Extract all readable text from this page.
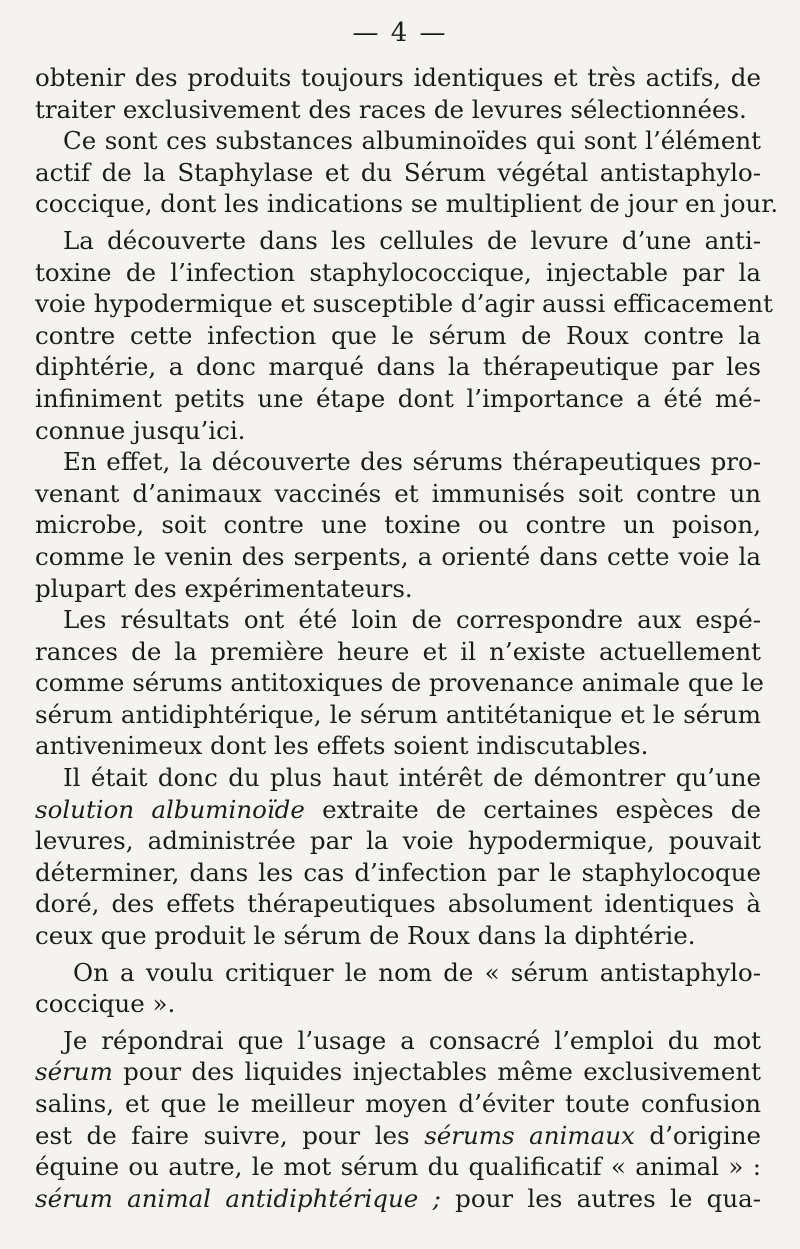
— 4 —
obtenir des produits toujours identiques et très actifs, de
traiter exclusivement des races de levures sélectionnées.
Ce sont ces substances albuminoïdes qui sont l’élément
actif de la Staphylase et du Sérum végétal antistaphylo-
coccique, dont les indications se multiplient de jour en jour.
La découverte dans les cellules de levure d’une anti-
toxine de l’infection staphylococcique, injectable par la
voie hypodermique et susceptible d’agir aussi efficacement
contre cette infection que le sérum de Roux contre la
diphtérie, a donc marqué dans la thérapeutique par les
infiniment petits une étape dont l’importance a été mé-
connue jusqu’ici.
En effet, la découverte des sérums thérapeutiques pro-
venant d’animaux vaccinés et immunisés soit contre un
microbe, soit contre une toxine ou contre un poison,
comme le venin des serpents, a orienté dans cette voie la
plupart des expérimentateurs.
Les résultats ont été loin de correspondre aux espé-
rances de la première heure et il n’existe actuellement
comme sérums antitoxiques de provenance animale que le
sérum antidiphtérique, le sérum antitétanique et le sérum
antivenimeux dont les effets soient indiscutables.
Il était donc du plus haut intérêt de démontrer qu’une
solution albuminoïde extraite de certaines espèces de
levures, administrée par la voie hypodermique, pouvait
déterminer, dans les cas d’infection par le staphylocoque
doré, des effets thérapeutiques absolument identiques à
ceux que produit le sérum de Roux dans la diphtérie.
On a voulu critiquer le nom de « sérum antistaphylo-
coccique ».
Je répondrai que l’usage a consacré l’emploi du mot
sérum pour des liquides injectables même exclusivement
salins, et que le meilleur moyen d’éviter toute confusion
est de faire suivre, pour les sérums animaux d’origine
équine ou autre, le mot sérum du qualificatif « animal » :
sérum animal antidiphtérique ; pour les autres le qua-
